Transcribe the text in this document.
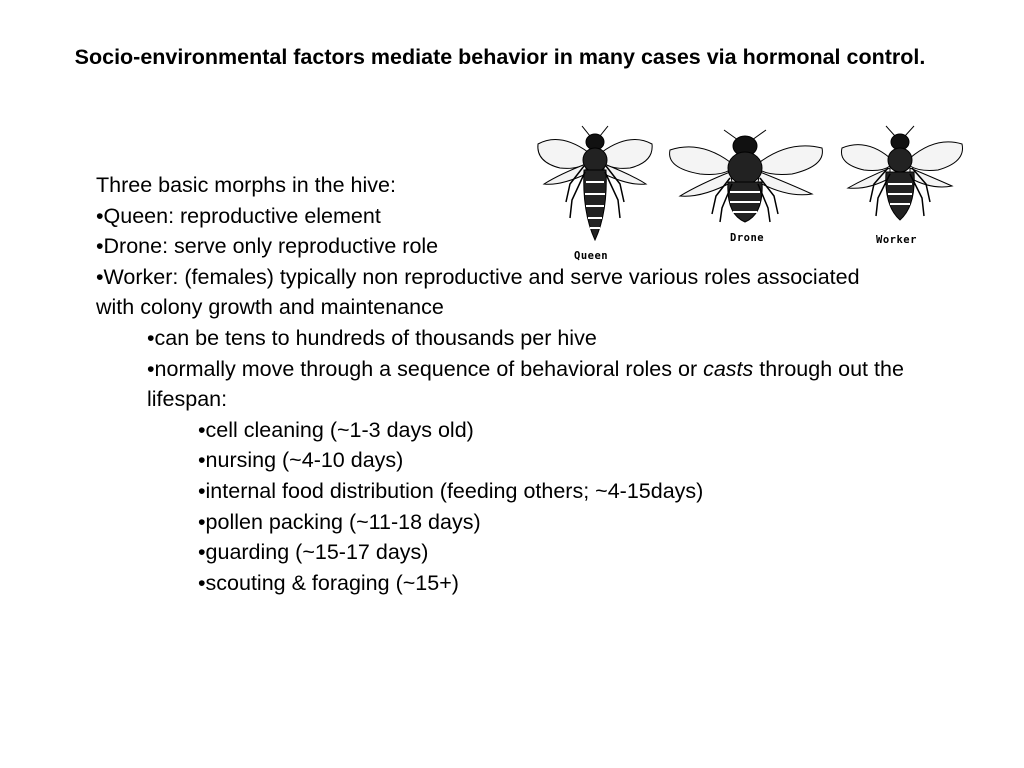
Socio-environmental factors mediate behavior in many cases via hormonal control.
Queen
Drone	Worker

Three basic morphs in the hive:

•Queen: reproductive element

•Drone: serve only reproductive role

•Worker: (females) typically non reproductive and serve various roles associated with colony growth and maintenance

•can be tens to hundreds of thousands per hive

•normally move through a sequence of behavioral roles or casts through out the lifespan:

•cell cleaning (~1-3 days old)

•nursing (~4-10 days)

•internal food distribution (feeding others; ~4-15days)

•pollen packing (~11-18 days)

•guarding (~15-17 days)

•scouting & foraging (~15+)
